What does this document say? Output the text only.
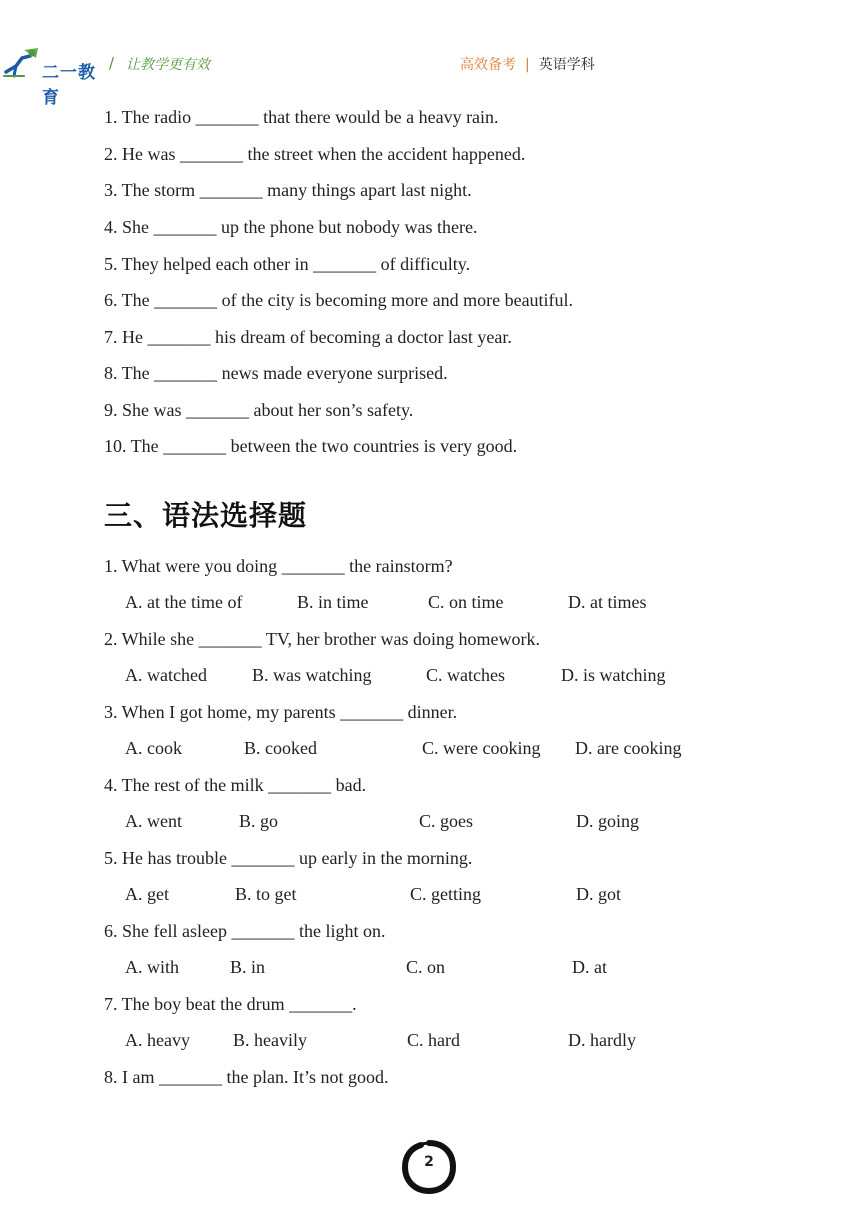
二一教育
/ 让教学更有效	高效备考 | 英语学科
1. The radio _______ that there would be a heavy rain.
2. He was _______ the street when the accident happened.
3. The storm _______ many things apart last night.
4. She _______ up the phone but nobody was there.
5. They helped each other in _______ of difficulty.
6. The _______ of the city is becoming more and more beautiful.
7. He _______ his dream of becoming a doctor last year.
8. The _______ news made everyone surprised.
9. She was _______ about her son’s safety.
10. The _______ between the two countries is very good.
三、语法选择题
1. What were you doing _______ the rainstorm?
A. at the time of	B. in time	C. on time	D. at times
2. While she _______ TV, her brother was doing homework.
A. watched	B. was watching	C. watches	D. is watching
3. When I got home, my parents _______ dinner.
A. cook	B. cooked	C. were cooking D. are cooking
4. The rest of the milk _______ bad.
A. went	B. go	C. goes	D. going
5. He has trouble _______ up early in the morning.
A. get	B. to get	C. getting	D. got
6. She fell asleep _______ the light on.
A. with	B. in	C. on	D. at
7. The boy beat the drum _______.
A. heavy B. heavily	C. hard	D. hardly
8. I am _______ the plan. It’s not good.
2
